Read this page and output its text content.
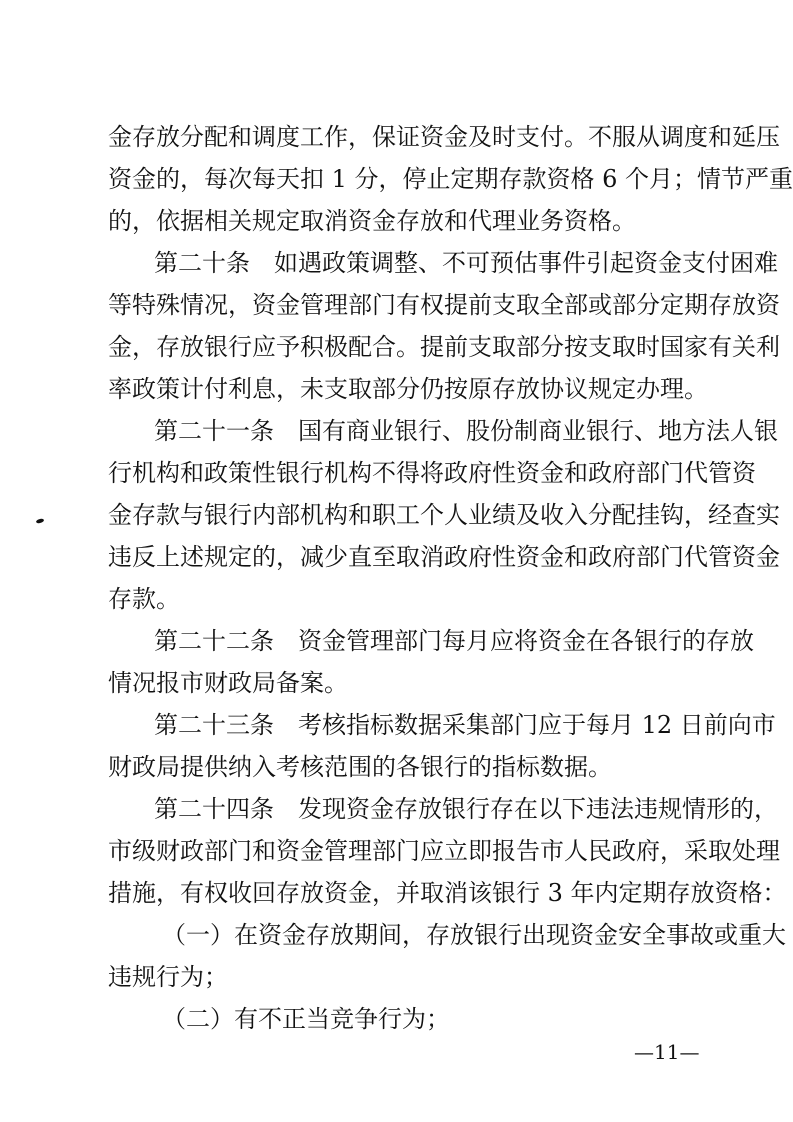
金存放分配和调度工作，保证资金及时支付。不服从调度和延压
资金的，每次每天扣 1 分，停止定期存款资格 6 个月；情节严重
的，依据相关规定取消资金存放和代理业务资格。
第二十条　如遇政策调整、不可预估事件引起资金支付困难
等特殊情况，资金管理部门有权提前支取全部或部分定期存放资
金，存放银行应予积极配合。提前支取部分按支取时国家有关利
率政策计付利息，未支取部分仍按原存放协议规定办理。
第二十一条　国有商业银行、股份制商业银行、地方法人银
行机构和政策性银行机构不得将政府性资金和政府部门代管资
金存款与银行内部机构和职工个人业绩及收入分配挂钩，经查实
违反上述规定的，减少直至取消政府性资金和政府部门代管资金
存款。
第二十二条　资金管理部门每月应将资金在各银行的存放
情况报市财政局备案。
第二十三条　考核指标数据采集部门应于每月 12 日前向市
财政局提供纳入考核范围的各银行的指标数据。
第二十四条　发现资金存放银行存在以下违法违规情形的，
市级财政部门和资金管理部门应立即报告市人民政府，采取处理
措施，有权收回存放资金，并取消该银行 3 年内定期存放资格：
（一）在资金存放期间，存放银行出现资金安全事故或重大
违规行为；
（二）有不正当竞争行为；
—11—
